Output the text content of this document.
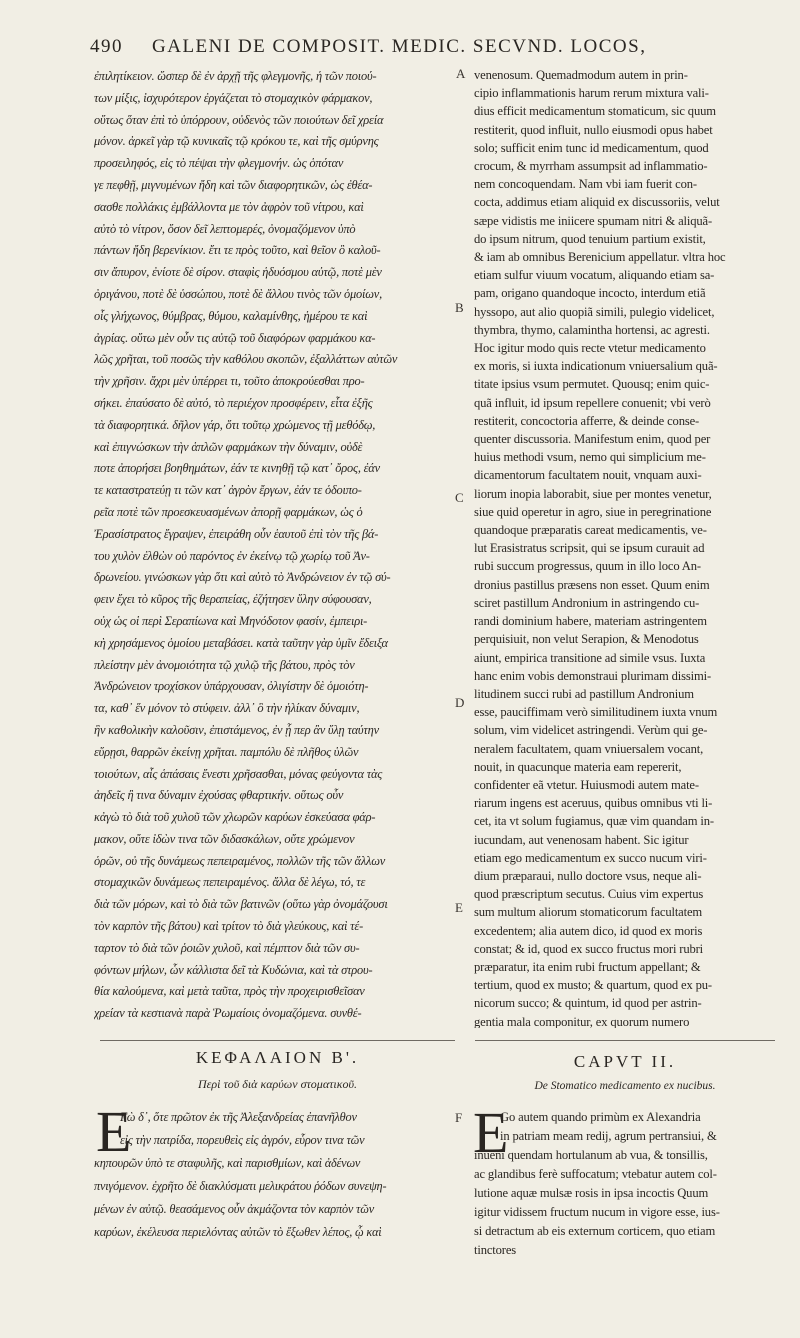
490 GALENI DE COMPOSIT. MEDIC. SECVND. LOCOS,
ἐπιλητίκειον. ὥσπερ δὲ ἐν ἀρχῇ τῆς φλεγμονῆς, ἡ τῶν ποιού-
των μίξις, ἰσχυρότερον ἐργάζεται τὸ στομαχικὸν φάρμακον,
οὕτως ὅταν ἐπὶ τὸ ὑπόρρουν, οὐδενὸς τῶν ποιούτων δεῖ χρεία
μόνον. ἀρκεῖ γὰρ τῷ κυνικαῖς τῷ κρόκου τε, καὶ τῆς σμύρνης
προσειληφός, εἰς τὸ πέψαι τὴν φλεγμονήν. ὡς ὁπόταν
γε πεφθῇ, μιγνυμένων ἤδη καὶ τῶν διαφορητικῶν, ὡς ἐθέα-
σασθε πολλάκις ἐμβάλλοντα με τὸν ἀφρὸν τοῦ νίτρου, καὶ
αὐτὸ τὸ νίτρον, ὅσον δεῖ λεπτομερές, ὀνομαζόμενον ὑπὸ
πάντων ἤδη βερενίκιον. ἔτι τε πρὸς τοῦτο, καὶ θεῖον ὃ καλοῦ-
σιν ἄπυρον, ἐνίοτε δὲ σίρον. σταφὶς ἡδυόσμου αὐτῷ, ποτὲ μὲν
ὀριγάνου, ποτὲ δὲ ὑσσώπου, ποτὲ δὲ ἄλλου τινὸς τῶν ὁμοίων,
οἷς γλήχωνος, θύμβρας, θύμου, καλαμίνθης, ἡμέρου τε καὶ
ἀγρίας. οὕτω μὲν οὖν τις αὐτῷ τοῦ διαφόρων φαρμάκου κα-
λῶς χρῆται, τοῦ ποσῶς τὴν καθόλου σκοπῶν, ἐξαλλάττων αὐτῶν
τὴν χρῆσιν. ἄχρι μὲν ὑπέρρει τι, τοῦτο ἀποκρούεσθαι προ-
σήκει. ἐπαύσατο δὲ αὐτό, τὸ περιέχον προσφέρειν, εἶτα ἐξῆς
τὰ διαφορητικά. δῆλον γάρ, ὅτι τοῦτῳ χρώμενος τῇ μεθόδῳ,
καὶ ἐπιγνώσκων τὴν ἁπλῶν φαρμάκων τὴν δύναμιν, οὐδὲ
ποτε ἀπορήσει βοηθημάτων, ἐάν τε κινηθῇ τῷ κατ᾽ ὄρος, ἐάν
τε καταστρατεύῃ τι τῶν κατ᾽ ἀγρὸν ἔργων, ἐάν τε ὁδοιπο-
ρεῖα ποτὲ τῶν προεσκευασμένων ἀπορῇ φαρμάκων, ὡς ὁ
Ἐρασίστρατος ἔγραψεν, ἐπειράθη οὖν ἑαυτοῦ ἐπὶ τὸν τῆς βά-
του χυλὸν ἐλθὼν οὐ παρόντος ἐν ἐκείνῳ τῷ χωρίῳ τοῦ Ἀν-
δρωνείου. γινώσκων γὰρ ὅτι καὶ αὐτὸ τὸ Ἀνδρώνειον ἐν τῷ σύ-
φειν ἔχει τὸ κῦρος τῆς θεραπείας, ἐζήτησεν ὕλην σύφουσαν,
οὐχ ὡς οἱ περὶ Σεραπίωνα καὶ Μηνόδοτον φασίν, ἐμπειρι-
κὴ χρησάμενος ὁμοίου μεταβάσει. κατὰ ταῦτην γὰρ ὑμῖν ἔδειξα
πλείστην μὲν ἀνομοιότητα τῷ χυλῷ τῆς βάτου, πρὸς τὸν
Ἀνδρώνειον τροχίσκον ὑπάρχουσαν, ὀλιγίστην δὲ ὁμοιότη-
τα, καθ᾽ ἕν μόνον τὸ στύφειν. ἀλλ᾽ ὃ τὴν ἡλίκαν δύναμιν,
ἣν καθολικὴν καλοῦσιν, ἐπιστάμενος, ἐν ᾗ περ ἂν ὕλῃ ταύτην
εὕρῃσι, θαρρῶν ἐκείνῃ χρῆται. παμπόλυ δὲ πλῆθος ὑλῶν
τοιούτων, αἷς ἁπάσαις ἔνεστι χρῆσασθαι, μόνας φεύγοντα τὰς
ἀηδεῖς ἢ τινα δύναμιν ἐχούσας φθαρτικήν. οὕτως οὖν
κἀγὼ τὸ διὰ τοῦ χυλοῦ τῶν χλωρῶν καρύων ἐσκεύασα φάρ-
μακον, οὔτε ἰδὼν τινα τῶν διδασκάλων, οὔτε χρώμενον
ὁρῶν, οὐ τῆς δυνάμεως πεπειραμένος, πολλῶν τῆς τῶν ἄλλων
στομαχικῶν δυνάμεως πεπειραμένος. ἄλλα δὲ λέγω, τό, τε
διὰ τῶν μόρων, καὶ τὸ διὰ τῶν βατινῶν (οὕτω γὰρ ὀνομάζουσι
τὸν καρπὸν τῆς βάτου) καὶ τρίτον τὸ διὰ γλεύκους, καὶ τέ-
ταρτον τὸ διὰ τῶν ῥοιῶν χυλοῦ, καὶ πέμπτον διὰ τῶν συ-
φόντων μήλων, ὧν κάλλιστα δεῖ τὰ Κυδώνια, καὶ τὰ στρου-
θία καλούμενα, καὶ μετὰ ταῦτα, πρὸς τὴν προχειρισθεῖσαν
χρείαν τὰ κεστιανὰ παρὰ Ῥωμαίοις ὀνομαζόμενα. συνθέ-
venenosum. Quemadmodum autem in prin-
cipio inflammationis harum rerum mixtura vali-
dius efficit medicamentum stomaticum, sic quum
restiterit, quod influit, nullo eiusmodi opus habet
solo; sufficit enim tunc id medicamentum, quod
crocum, & myrrham assumpsit ad inflammatio-
nem concoquendam. Nam vbi iam fuerit con-
cocta, addimus etiam aliquid ex discussoriis, velut
sæpe vidistis me iniicere spumam nitri & aliquã-
do ipsum nitrum, quod tenuium partium existit,
& iam ab omnibus Berenicium appellatur. vltra hoc
etiam sulfur viuum vocatum, aliquando etiam sa-
pam, origano quandoque incocto, interdum etiã
hyssopo, aut alio quopiã simili, pulegio videlicet,
thymbra, thymo, calamintha hortensi, ac agresti.
Hoc igitur modo quis recte vtetur medicamento
ex moris, si iuxta indicationum vniuersalium quã-
titate ipsius vsum permutet. Quousq; enim quic-
quã influit, id ipsum repellere conuenit; vbi verò
restiterit, concoctoria afferre, & deinde conse-
quenter discussoria. Manifestum enim, quod per
huius methodi vsum, nemo qui simplicium me-
dicamentorum facultatem nouit, vnquam auxi-
liorum inopia laborabit, siue per montes venetur,
siue quid operetur in agro, siue in peregrinatione
quandoque præparatis careat medicamentis, ve-
lut Erasistratus scripsit, qui se ipsum curauit ad
rubi succum progressus, quum in illo loco An-
dronius pastillus præsens non esset. Quum enim
sciret pastillum Andronium in astringendo cu-
randi dominium habere, materiam astringentem
perquisiuit, non velut Serapion, & Menodotus
aiunt, empirica transitione ad simile vsus. Iuxta
hanc enim vobis demonstraui plurimam dissimi-
litudinem succi rubi ad pastillum Andronium
esse, pauciffimam verò similitudinem iuxta vnum
solum, vim videlicet astringendi. Verùm qui ge-
neralem facultatem, quam vniuersalem vocant,
nouit, in quacunque materia eam repererit,
confidenter eã vtetur. Huiusmodi autem mate-
riarum ingens est aceruus, quibus omnibus vti li-
cet, ita vt solum fugiamus, quæ vim quandam in-
iucundam, aut venenosam habent. Sic igitur
etiam ego medicamentum ex succo nucum viri-
dium præparaui, nullo doctore vsus, neque ali-
quod præscriptum secutus. Cuius vim expertus
sum multum aliorum stomaticorum facultatem
excedentem; alia autem dico, id quod ex moris
constat; & id, quod ex succo fructus mori rubri
præparatur, ita enim rubi fructum appellant; &
tertium, quod ex musto; & quartum, quod ex pu-
nicorum succo; & quintum, id quod per astrin-
gentia mala componitur, ex quorum numero
A
B
C
D
E
F
ΚΕΦΑΛΑΙΟΝ Β'.
Περὶ τοῦ διὰ καρύων στοματικοῦ.
CAPVT II.
De Stomatico medicamento ex nucibus.
Ε
Γὼ δ᾽, ὅτε πρῶτον ἐκ τῆς Ἀλεξανδρείας ἐπανῆλθον
εἰς τὴν πατρίδα, πορευθεὶς εἰς ἀγρόν, εὗρον τινα τῶν
κηπουρῶν ὑπὸ τε σταφυλῆς, καὶ παρισθμίων, καὶ ἀδένων
πνιγόμενον. ἐχρῆτο δὲ διακλύσματι μελικράτου ῥόδων συνεψη-
μένων ἐν αὐτῷ. θεασάμενος οὖν ἀκμάζοντα τὸν καρπὸν τῶν
καρύων, ἐκέλευσα περιελόντας αὐτῶν τὸ ἔξωθεν λέπος, ᾧ καὶ
E
Go autem quando primùm ex Alexandria
in patriam meam redij, agrum pertransiui, &
inueni quendam hortulanum ab vua, & tonsillis,
ac glandibus ferè suffocatum; vtebatur autem col-
lutione aquæ mulsæ rosis in ipsa incoctis Quum
igitur vidissem fructum nucum in vigore esse, ius-
si detractum ab eis externum corticem, quo etiam
tinctores
